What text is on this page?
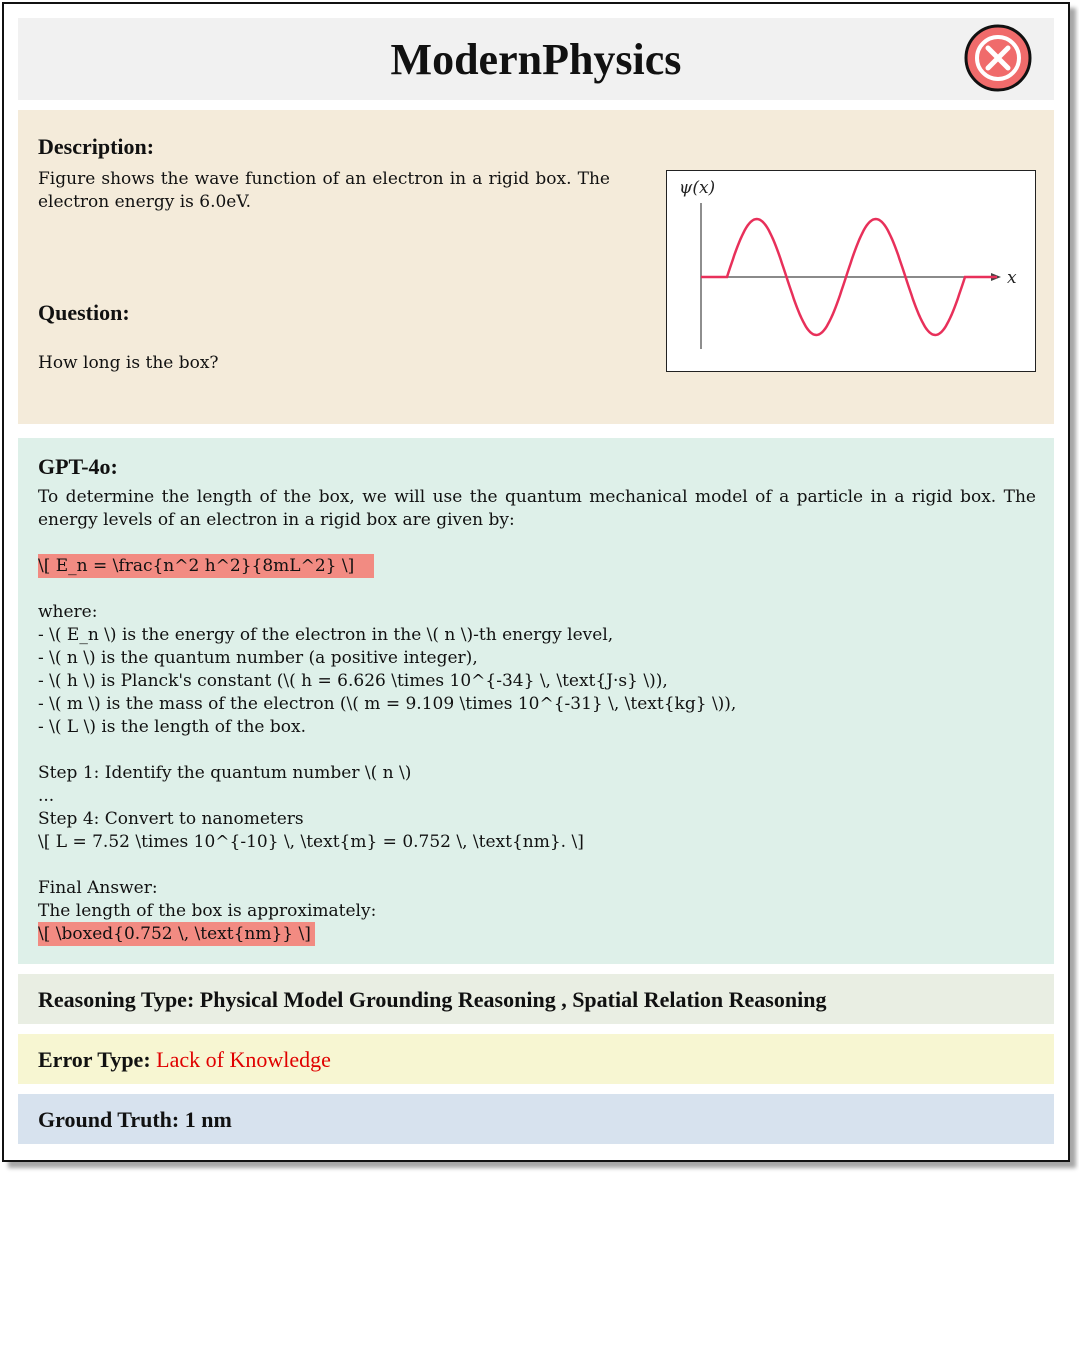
ModernPhysics
Description:
Figure shows the wave function of an electron in a rigid box. The electron energy is 6.0eV.
Question:
How long is the box?
ψ(x)
x
GPT-4o:

To determine the length of the box, we will use the quantum mechanical model of a particle in a rigid box. The energy levels of an electron in a rigid box are given by:

\[ E_n = \frac{n^2 h^2}{8mL^2} \]

where:

- \( E_n \) is the energy of the electron in the \( n \)-th energy level,

- \( n \) is the quantum number (a positive integer),

- \( h \) is Planck's constant (\( h = 6.626 \times 10^{-34} \, \text{J·s} \)),

- \( m \) is the mass of the electron (\( m = 9.109 \times 10^{-31} \, \text{kg} \)),

- \( L \) is the length of the box.

Step 1: Identify the quantum number \( n \)

...

Step 4: Convert to nanometers

\[ L = 7.52 \times 10^{-10} \, \text{m} = 0.752 \, \text{nm}. \]

Final Answer:

The length of the box is approximately:

\[ \boxed{0.752 \, \text{nm}} \]

Reasoning Type: Physical Model Grounding Reasoning , Spatial Relation Reasoning
Error Type: Lack of Knowledge
Ground Truth: 1 nm
